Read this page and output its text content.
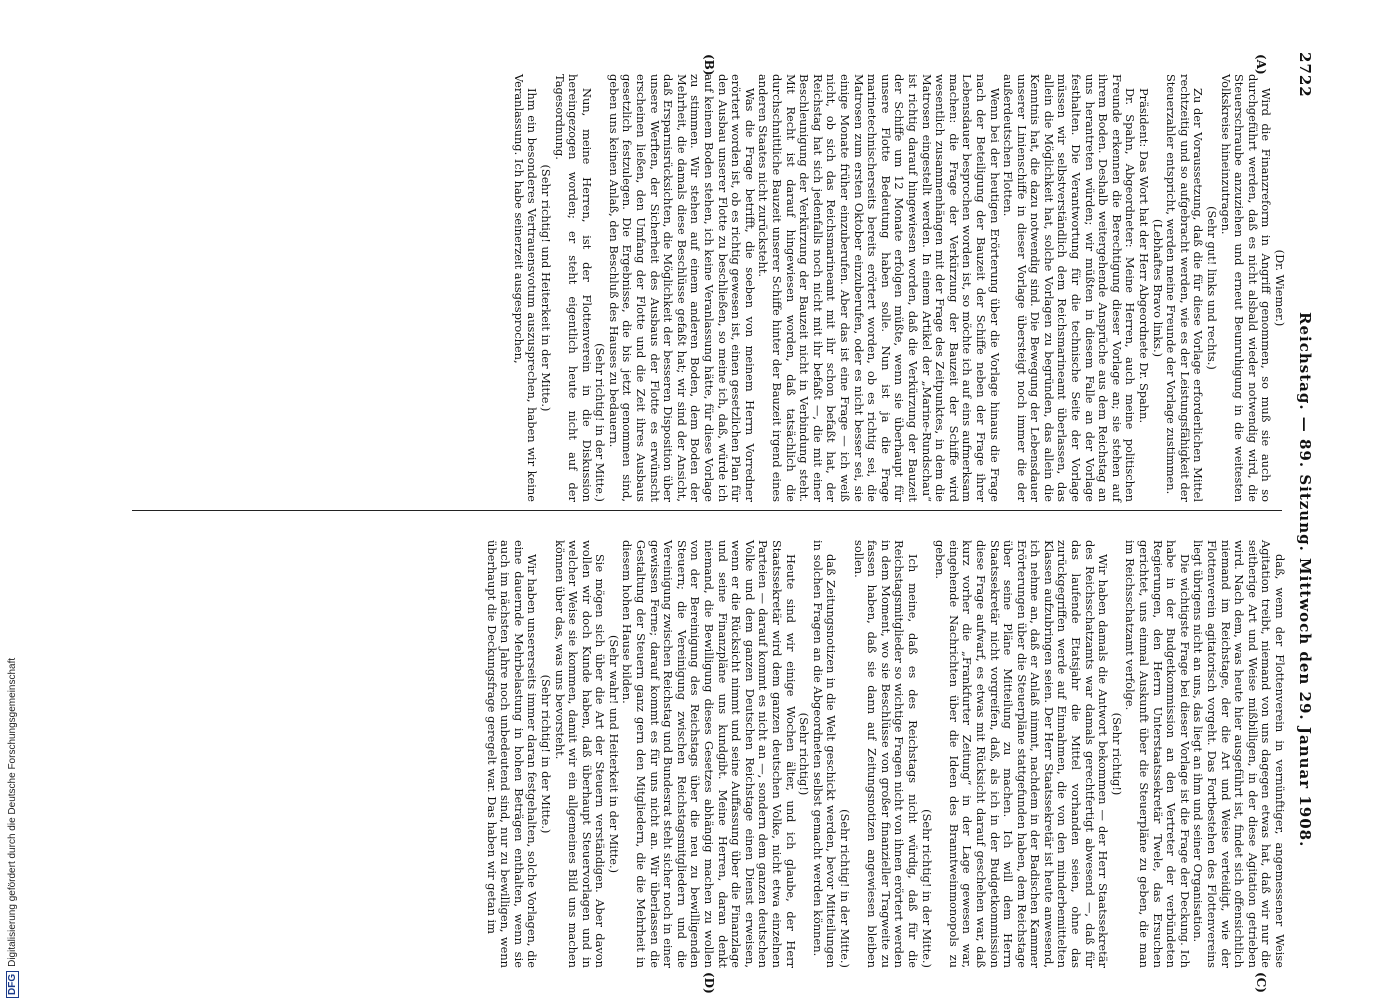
2722
Reichstag. — 89. Sitzung. Mittwoch den 29. Januar 1908.
(A)
(B)
(C)
(D)

(Dr. Wiemer.)

Wird die Finanzreform in Angriff genommen, so muß sie auch so durchgeführt werden, daß es nicht alsbald wieder notwendig wird, die Steuerschraube anzuziehen und erneut Beunruhigung in die weitesten Volkskreise hineinzutragen.

(Sehr gut! links und rechts.)

Zu der Voraussetzung, daß die für diese Vorlage erforderlichen Mittel rechtzeitig und so aufgebracht werden, wie es der Leistungsfähigkeit der Steuerzahler entspricht, werden meine Freunde der Vorlage zustimmen.

(Lebhaftes Bravo links.)

Präsident: Das Wort hat der Herr Abgeordnete Dr. Spahn.

Dr. Spahn, Abgeordneter: Meine Herren, auch meine politischen Freunde erkennen die Berechtigung dieser Vorlage an; sie stehen auf ihrem Boden. Deshalb weitergehende Ansprüche aus dem Reichstag an uns herantreten würden; wir müßten in diesem Falle an der Vorlage festhalten. Die Verantwortung für die technische Seite der Vorlage müssen wir selbstverständlich dem Reichsmarineamt überlassen, das allein die Möglichkeit hat, solche Vorlagen zu begründen, das allein die Kenntnis hat, die dazu notwendig sind. Die Bewegung der Lebensdauer unserer Linienschiffe in dieser Vorlage übersteigt noch immer die der außerdeutschen Flotten.

Wenn bei der heutigen Erörterung über die Vorlage hinaus die Frage nach der Beteiligung der Bauzeit der Schiffe neben der Frage ihrer Lebensdauer besprochen worden ist, so möchte ich auf eins aufmerksam machen: die Frage der Verkürzung der Bauzeit der Schiffe wird wesentlich zusammenhängen mit der Frage des Zeitpunktes, in dem die Matrosen eingestellt werden. In einem Artikel der „Marine-Rundschau“ ist richtig darauf hingewiesen worden, daß die Verkürzung der Bauzeit der Schiffe um 12 Monate erfolgen müßte, wenn sie überhaupt für unsere Flotte Bedeutung haben solle. Nun ist ja die Frage marinetechnischerseits bereits erörtert worden, ob es richtig sei, die Matrosen zum ersten Oktober einzuberufen, oder es nicht besser sei, sie einige Monate früher einzuberufen. Aber das ist eine Frage — ich weiß nicht, ob sich das Reichsmarineamt mit ihr schon befaßt hat, der Reichstag hat sich jedenfalls noch nicht mit ihr befaßt —, die mit einer Beschleunigung der Verkürzung der Bauzeit nicht in Verbindung steht. Mit Recht ist darauf hingewiesen worden, daß tatsächlich die durchschnittliche Bauzeit unserer Schiffe hinter der Bauzeit irgend eines anderen Staates nicht zurücksteht.

Was die Frage betrifft, die soeben von meinem Herrn Vorredner erörtert worden ist, ob es richtig gewesen ist, einen gesetzlichen Plan für den Ausbau unserer Flotte zu beschließen, so meine ich, daß, würde ich auf keinem Boden stehen, ich keine Veranlassung hätte, für diese Vorlage zu stimmen. Wir stehen auf einem anderen Boden, dem Boden der Mehrheit, die damals diese Beschlüsse gefaßt hat; wir sind der Ansicht, daß Ersparnisrücksichten, die Möglichkeit der besseren Disposition über unsere Werften, der Sicherheit des Ausbaus der Flotte es erwünscht erscheinen ließen, den Umfang der Flotte und die Zeit ihres Ausbaus gesetzlich festzulegen. Die Ergebnisse, die bis jetzt genommen sind, geben uns keinen Anlaß, den Beschluß des Hauses zu bedauern.

(Sehr richtig! in der Mitte.)

Nun, meine Herren, ist der Flottenverein in die Diskussion hereingezogen worden; er steht eigentlich heute nicht auf der Tagesordnung.

(Sehr richtig! und Heiterkeit in der Mitte.)

Ihm ein besonderes Vertrauensvotum auszusprechen, haben wir keine Veranlassung. Ich habe seinerzeit ausgesprochen,

daß, wenn der Flottenverein in vernünftiger, angemessener Weise Agitation treibt, niemand von uns dagegen etwas hat, daß wir nur die seitherige Art und Weise mißbilligen, in der diese Agitation getrieben wird. Nach dem, was heute hier ausgeführt ist, findet sich offensichtlich niemand im Reichstage, der die Art und Weise verteidigt, wie der Flottenverein agitatorisch vorgeht. Das Fortbestehen des Flottenvereins liegt übrigens nicht an uns, das liegt an ihm und seiner Organisation.

Die wichtigste Frage bei dieser Vorlage ist die Frage der Deckung. Ich habe in der Budgetkommission an den Vertreter der verbündeten Regierungen, den Herrn Unterstaatssekretär Twele, das Ersuchen gerichtet, uns einmal Auskunft über die Steuerpläne zu geben, die man im Reichsschatzamt verfolge.

(Sehr richtig!)

Wir haben damals die Antwort bekommen — der Herr Staatssekretär des Reichsschatzamts war damals gerechtfertigt abwesend —, daß für das laufende Etatsjahr die Mittel vorhanden seien, ohne das zurückgegriffen werde auf Einnahmen, die von den minderbemittelten Klassen aufzubringen seien. Der Herr Staatssekretär ist heute anwesend, ich nehme an, daß er Anlaß nimmt, nachdem in der Badischen Kammer Erörterungen über die Steuerpläne stattgefunden haben, dem Reichstage über seine Pläne Mitteilung zu machen. Ich will dem Herrn Staatssekretär nicht vorgreifen, daß, als ich in der Budgetkommission diese Frage aufwarf, es etwas mit Rücksicht darauf geschehen war, daß kurz vorher die „Frankfurter Zeitung“ in der Lage gewesen war, eingehende Nachrichten über die Ideen des Branntweinmonopols zu geben.

(Sehr richtig! in der Mitte.)

Ich meine, daß es des Reichstags nicht würdig, daß für die Reichstagsmitglieder so wichtige Fragen nicht von ihnen erörtert werden in dem Moment, wo sie Beschlüsse von großer finanzieller Tragweite zu fassen haben, daß sie dann auf Zeitungsnotizen angewiesen bleiben sollen.

(Sehr richtig! in der Mitte.)

daß Zeitungsnotizen in die Welt geschickt werden, bevor Mitteilungen in solchen Fragen an die Abgeordneten selbst gemacht werden können.

(Sehr richtig!)

Heute sind wir einige Wochen älter, und ich glaube, der Herr Staatssekretär wird dem ganzen deutschen Volke, nicht etwa einzelnen Parteien — darauf kommt es nicht an —, sondern dem ganzen deutschen Volke und dem ganzen Deutschen Reichstage einen Dienst erweisen, wenn er die Rücksicht nimmt und seine Auffassung über die Finanzlage und seine Finanzpläne uns kundgibt. Meine Herren, daran denkt niemand, die Bewilligung dieses Gesetzes abhängig machen zu wollen von der Bereinigung des Reichstags über die neu zu bewilligenden Steuern; die Vereinigung zwischen Reichstagsmitgliedern und die Vereinigung zwischen Reichstag und Bundesrat steht sicher noch in einer gewissen Ferne; darauf kommt es für uns nicht an. Wir überlassen die Gestaltung der Steuern ganz gern den Mitgliedern, die die Mehrheit in diesem hohen Hause bilden.

(Sehr wahr! und Heiterkeit in der Mitte.)

Sie mögen sich über die Art der Steuern verständigen. Aber davon wollen wir doch Kunde haben, daß überhaupt Steuervorlagen und in welcher Weise sie kommen, damit wir ein allgemeines Bild uns machen können über das, was uns bevorsteht.

(Sehr richtig! in der Mitte.)

Wir haben unsererseits immer daran festgehalten, solche Vorlagen, die eine dauernde Mehrbelastung in hohen Beträgen enthalten, wenn sie auch im nächsten Jahre noch unbedeutend sind, nur zu bewilligen, wenn überhaupt die Deckungsfrage geregelt war. Das haben wir getan im

DFGDigitalisierung gefördert durch die Deutsche Forschungsgemeinschaft
